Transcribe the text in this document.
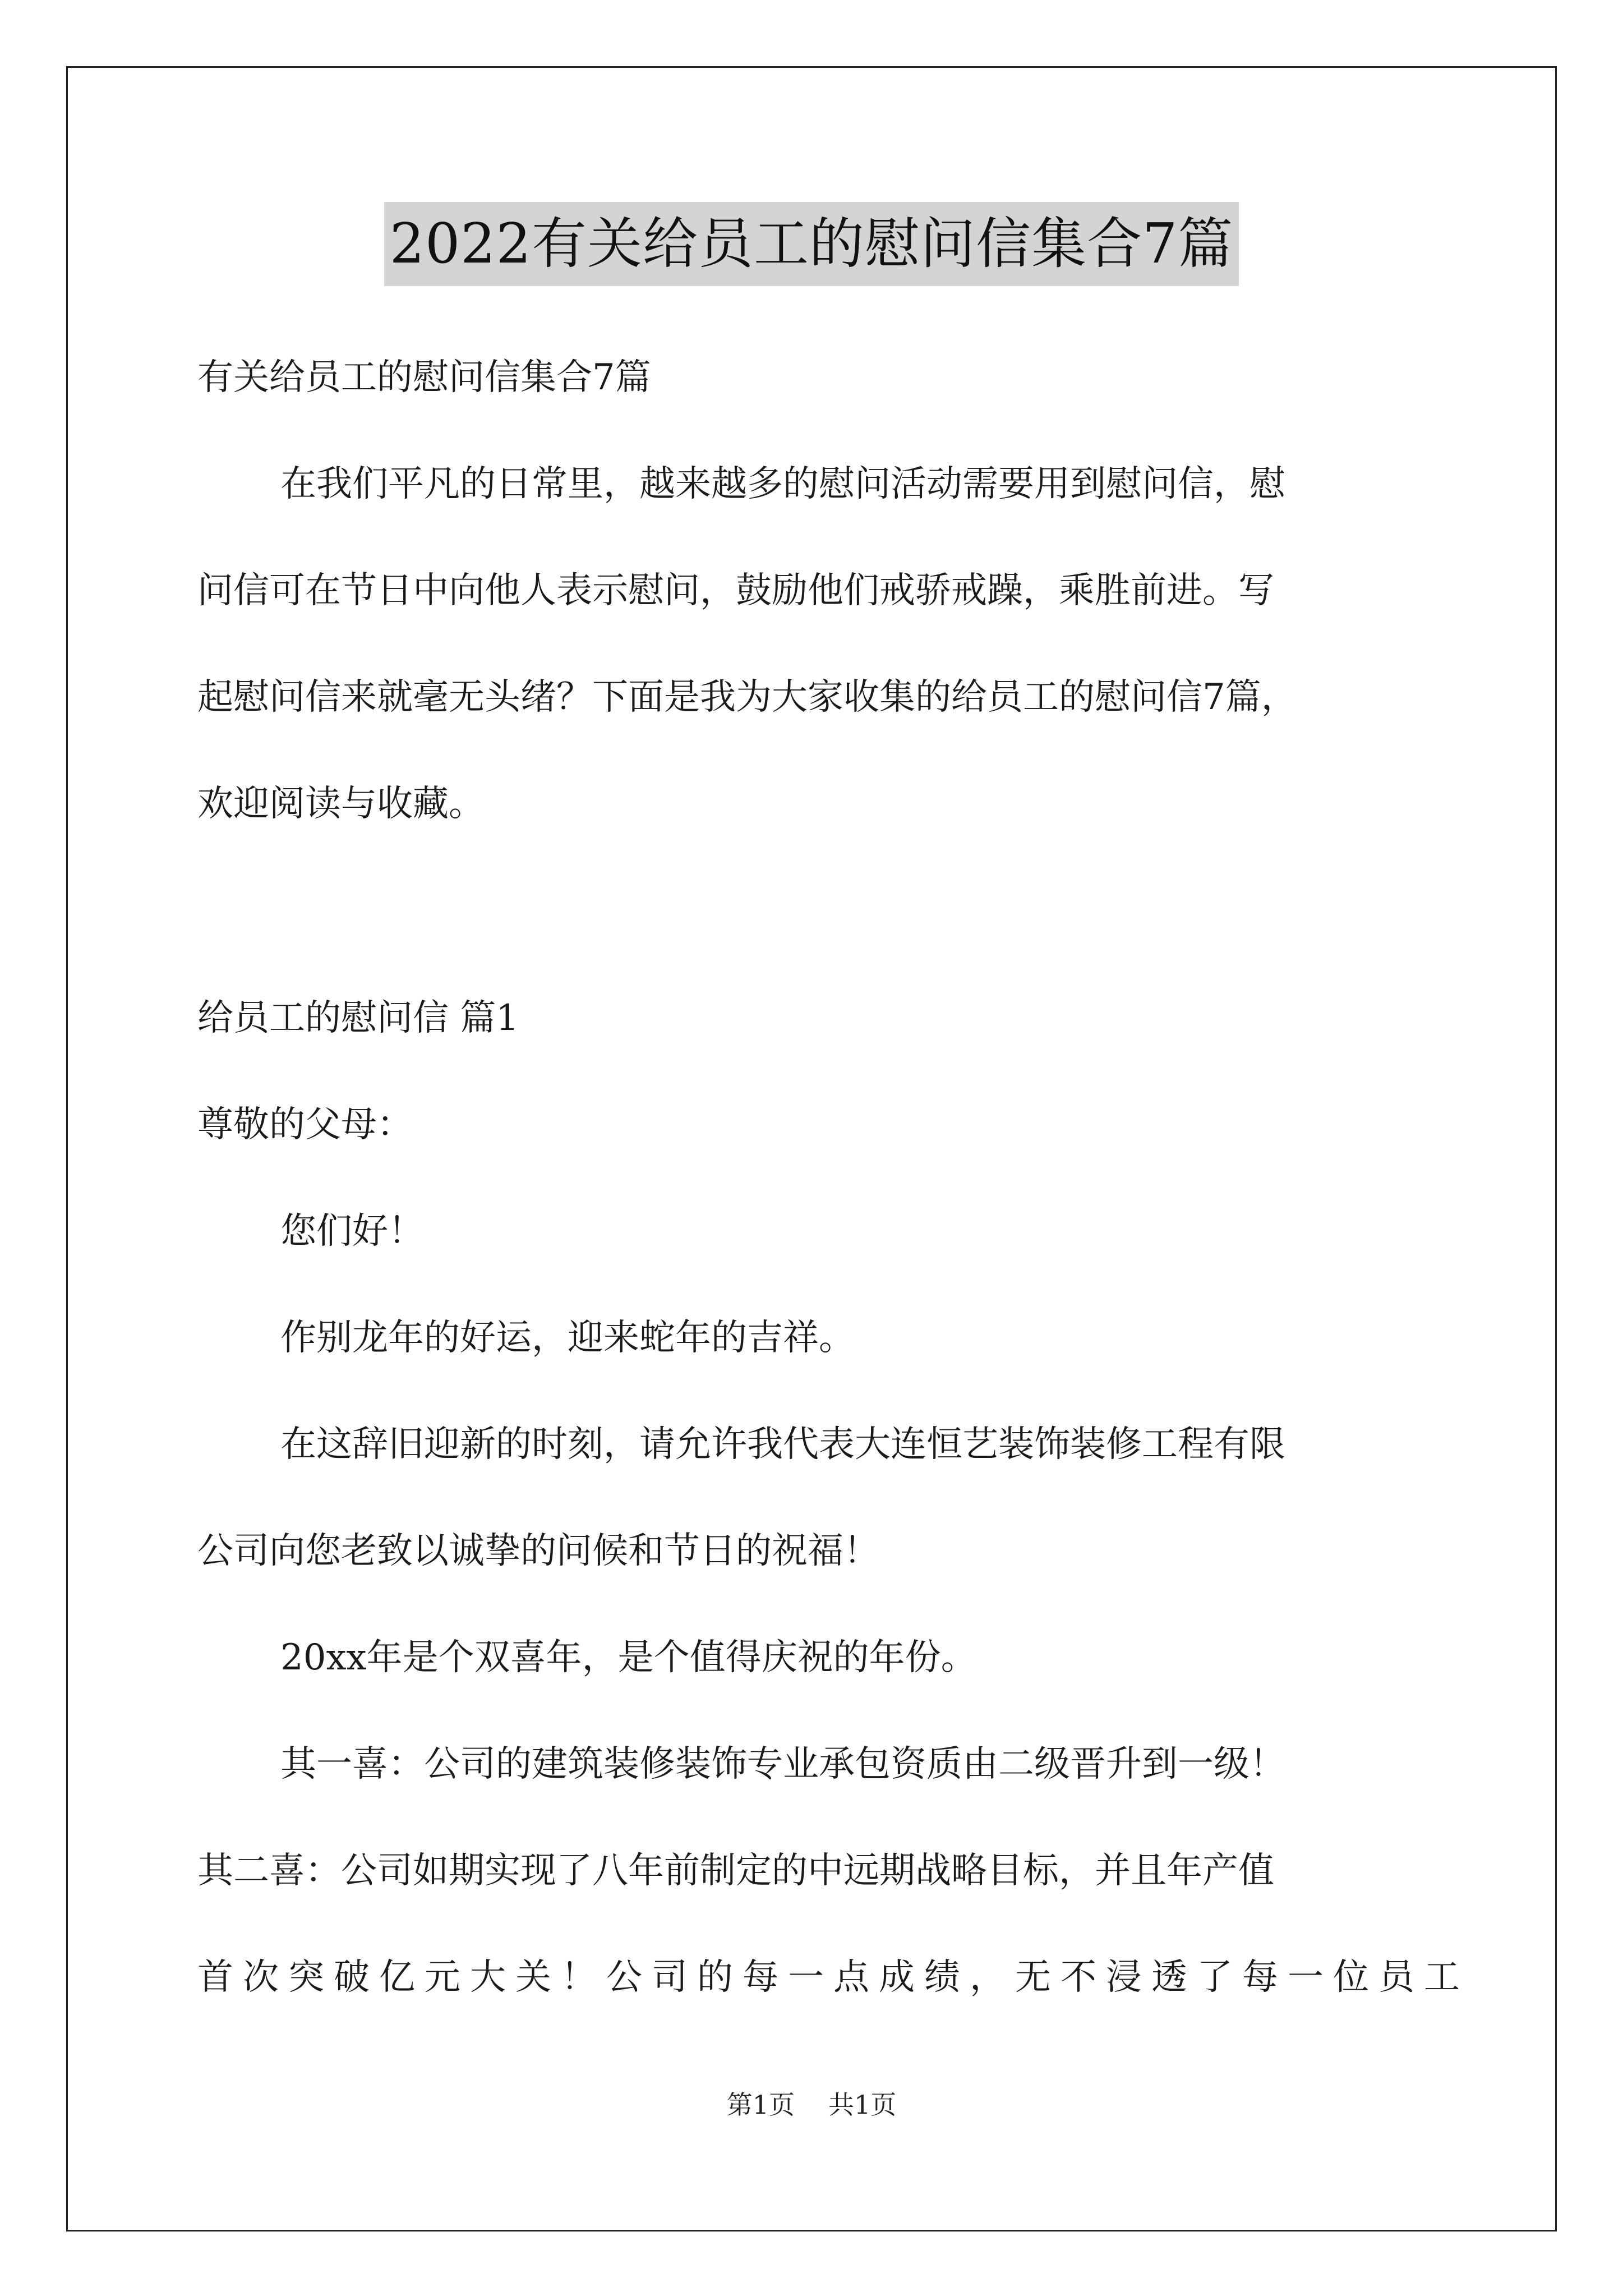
2022有关给员工的慰问信集合7篇
有关给员工的慰问信集合7篇
在我们平凡的日常里，越来越多的慰问活动需要用到慰问信，慰
问信可在节日中向他人表示慰问，鼓励他们戒骄戒躁，乘胜前进。写
起慰问信来就毫无头绪？下面是我为大家收集的给员工的慰问信7篇，
欢迎阅读与收藏。
给员工的慰问信 篇1
尊敬的父母：
您们好！
作别龙年的好运，迎来蛇年的吉祥。
在这辞旧迎新的时刻，请允许我代表大连恒艺装饰装修工程有限
公司向您老致以诚挚的问候和节日的祝福！
20xx年是个双喜年，是个值得庆祝的年份。
其一喜：公司的建筑装修装饰专业承包资质由二级晋升到一级！
其二喜：公司如期实现了八年前制定的中远期战略目标，并且年产值
首次突破亿元大关！公司的每一点成绩，无不浸透了每一位员工
第1页 共1页
